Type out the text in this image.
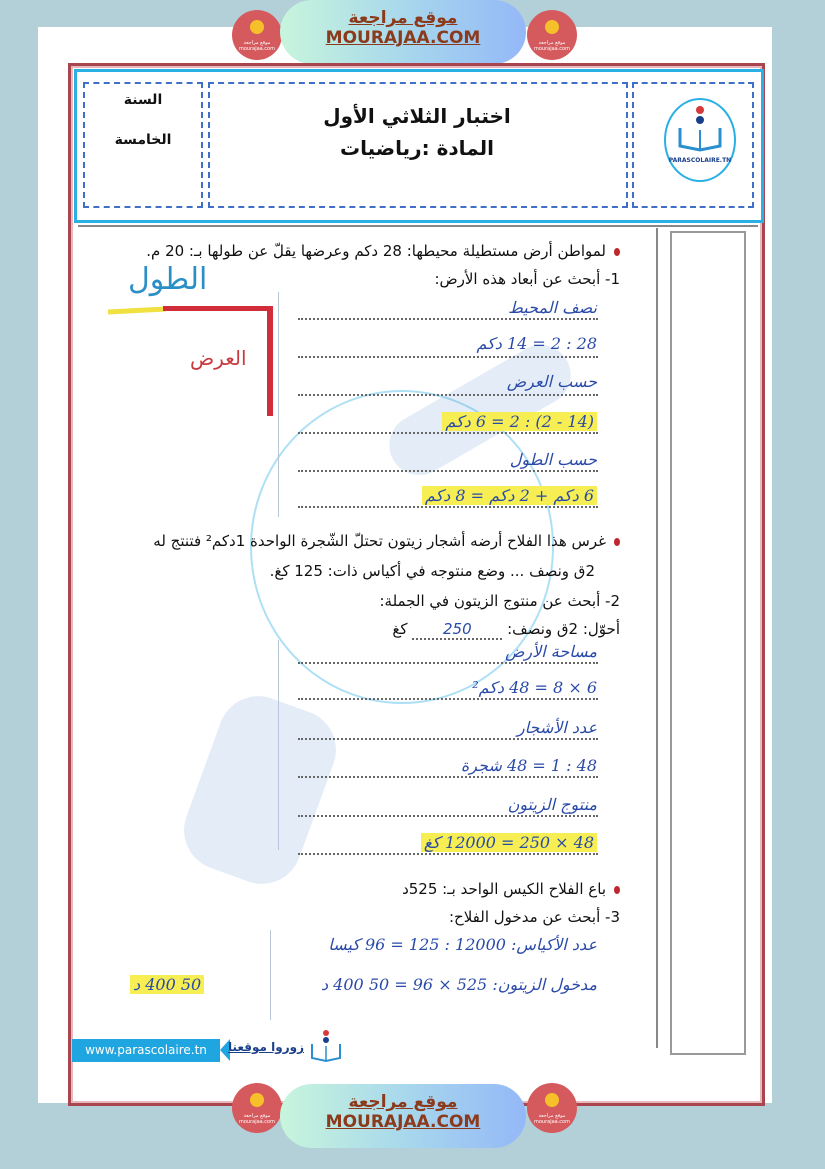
موقع مراجعة mourajaa.com
موقع مراجعة
MOURAJAA.COM	موقع مراجعة mourajaa.com
السنة
الخامسة
اختبار الثلاثي الأول
المادة :رياضيات
PARASCOLAIRE.TN
لمواطن أرض مستطيلة محيطها: 28 دكم وعرضها يقلّ عن طولها بـ: 20 م.
1- أبحث عن أبعاد هذه الأرض:
الطول
العرض
نصف المحيط
28 : 2 = 14 دكم
حسب العرض
(14 - 2) : 2 = 6 دكم
حسب الطول
6 دكم + 2 دكم = 8 دكم
غرس هذا الفلاح أرضه أشجار زيتون تحتلّ الشّجرة الواحدة 1دكم² فتنتج له
2ق ونصف ... وضع منتوجه في أكياس ذات: 125 كغ.
2- أبحث عن منتوج الزيتون في الجملة:
أحوّل: 2ق ونصف: 250 كغ
مساحة الأرض
6 × 8 = 48 دكم²
عدد الأشجار
48 : 1 = 48 شجرة
منتوج الزيتون
48 × 250 = 12000 كغ
باع الفلاح الكيس الواحد بـ: 525د
3- أبحث عن مدخول الفلاح:
عدد الأكياس: 12000 : 125 = 96 كيسا
مدخول الزيتون: 525 × 96 = 50 400 د
50 400 د
www.parascolaire.tn	زوروا موقعنا
موقع مراجعة mourajaa.com
موقع مراجعة
MOURAJAA.COM	موقع مراجعة mourajaa.com
